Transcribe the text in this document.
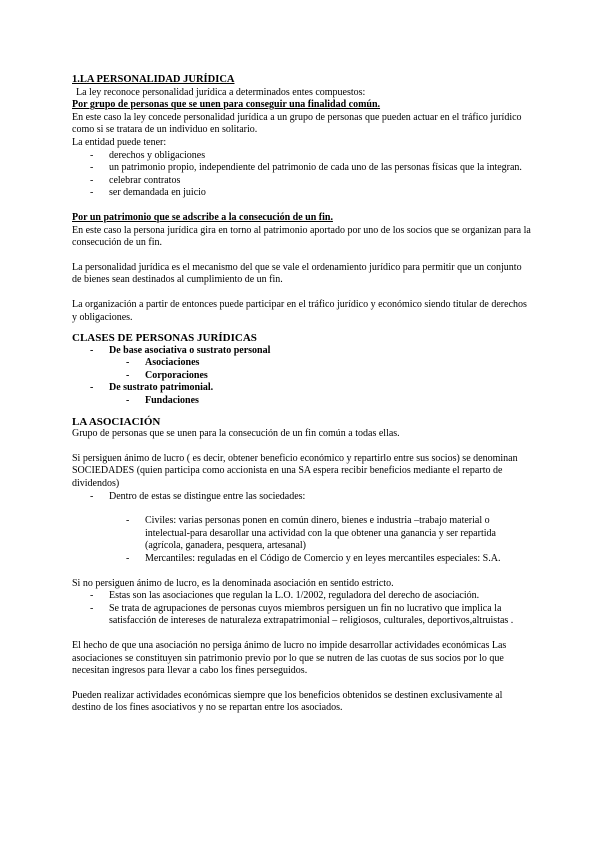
1.LA PERSONALIDAD JURÍDICA

La ley reconoce personalidad jurídica a determinados entes compuestos:

Por grupo de personas que se unen para conseguir una finalidad común.

En este caso la ley concede personalidad jurídica a un grupo de personas que pueden actuar en el tráfico jurídico como si se tratara de un individuo en solitario.

La entidad puede tener:

- derechos y obligaciones
- un patrimonio propio, independiente del patrimonio de cada uno de las personas físicas que la integran.
- celebrar contratos
- ser demandada en juicio

Por un patrimonio que se adscribe a la consecución de un fin.

En este caso la persona jurídica gira en torno al patrimonio aportado por uno de los socios que se organizan para la consecución de un fin.

La personalidad jurídica es el mecanismo del que se vale el ordenamiento jurídico para permitir que un conjunto de bienes sean destinados al cumplimiento de un fin.

La organización a partir de entonces puede participar en el tráfico jurídico y económico siendo titular de derechos y obligaciones.

CLASES DE PERSONAS JURÍDICAS

- De base asociativa o sustrato personal
- Asociaciones
- Corporaciones
- De sustrato patrimonial.
- Fundaciones

LA ASOCIACIÓN

Grupo de personas que se unen para la consecución de un fin común a todas ellas.

Si persiguen ánimo de lucro ( es decir, obtener beneficio económico y repartirlo entre sus socios) se denominan SOCIEDADES (quien participa como accionista en una SA espera recibir beneficios mediante el reparto de dividendos)

- Dentro de estas se distingue entre las sociedades:
- Civiles: varias personas ponen en común dinero, bienes e industria –trabajo material o intelectual-para desarollar una actividad con la que obtener una ganancia y ser repartida (agrícola, ganadera, pesquera, artesanal)
- Mercantiles: reguladas en el Código de Comercio y en leyes mercantiles especiales: S.A.

Si no persiguen ánimo de lucro, es la denominada asociación en sentido estricto.

- Estas son las asociaciones que regulan la L.O. 1/2002, reguladora del derecho de asociación.
- Se trata de agrupaciones de personas cuyos miembros persiguen un fin no lucrativo que implica la satisfacción de intereses de naturaleza extrapatrimonial – religiosos, culturales, deportivos,altruistas .

El hecho de que una asociación no persiga ánimo de lucro no impide desarrollar actividades económicas Las asociaciones se constituyen sin patrimonio previo por lo que se nutren de las cuotas de sus socios por lo que necesitan ingresos para llevar a cabo los fines perseguidos.

Pueden realizar actividades económicas siempre que los beneficios obtenidos se destinen exclusivamente al destino de los fines asociativos y no se repartan entre los asociados.
